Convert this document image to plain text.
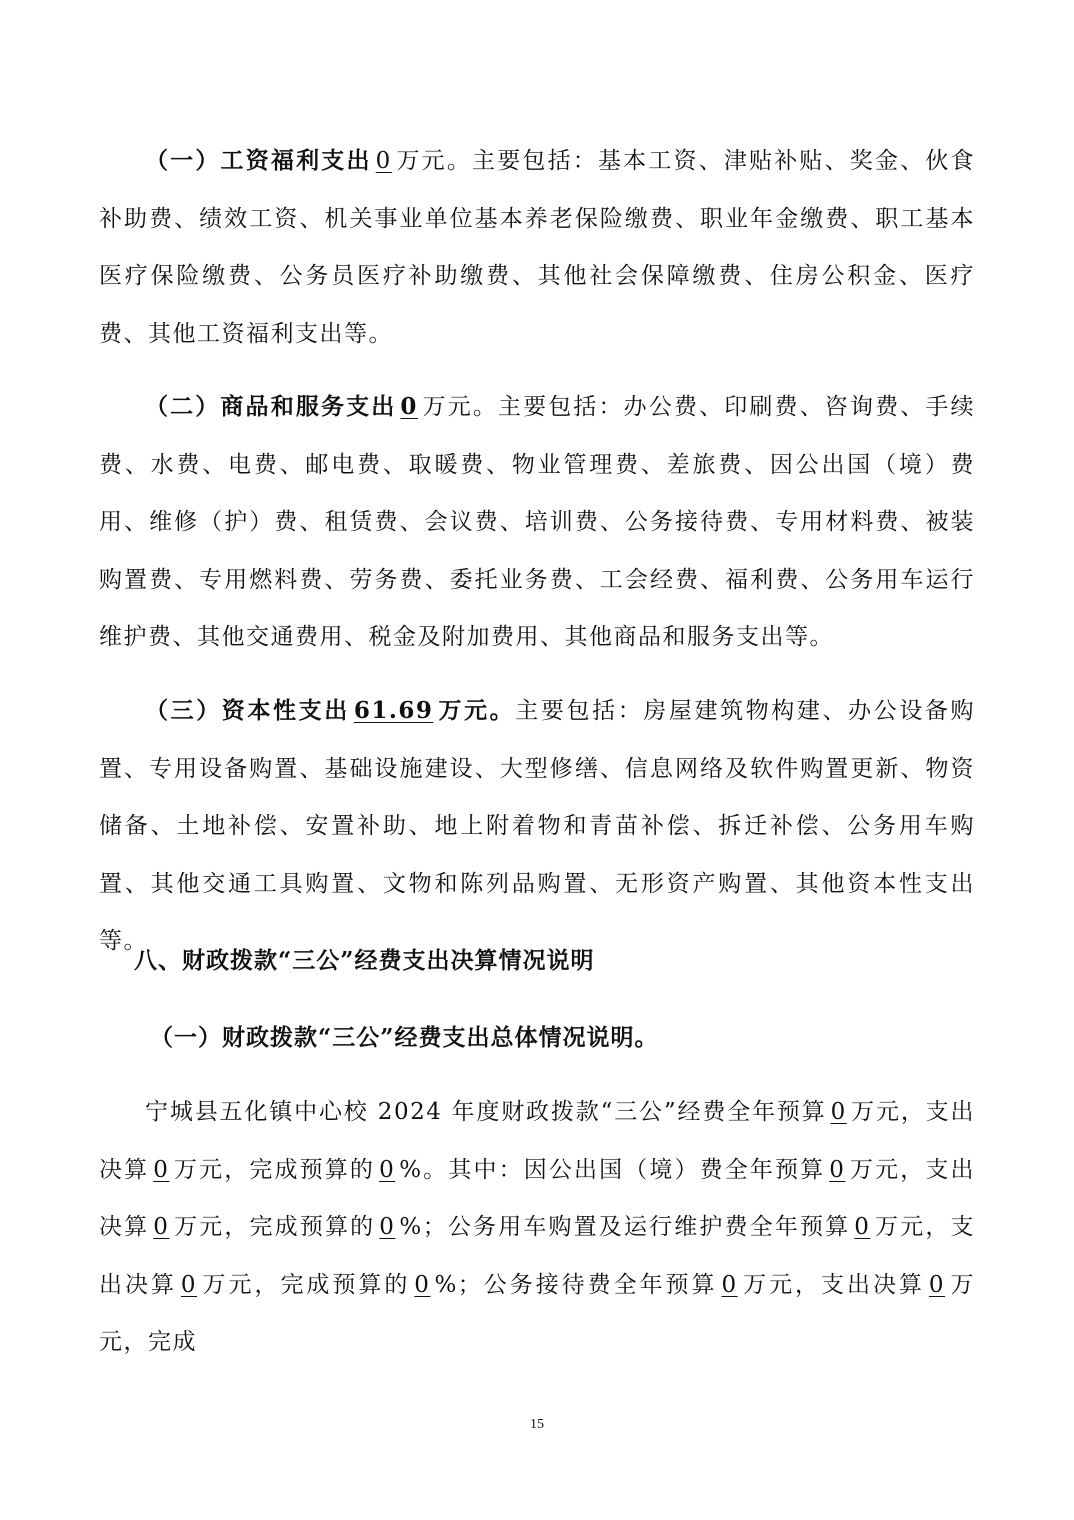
（一）工资福利支出 0 万元。主要包括：基本工资、津贴补贴、奖金、伙食补助费、绩效工资、机关事业单位基本养老保险缴费、职业年金缴费、职工基本医疗保险缴费、公务员医疗补助缴费、其他社会保障缴费、住房公积金、医疗费、其他工资福利支出等。

（二）商品和服务支出 0 万元。主要包括：办公费、印刷费、咨询费、手续费、水费、电费、邮电费、取暖费、物业管理费、差旅费、因公出国（境）费用、维修（护）费、租赁费、会议费、培训费、公务接待费、专用材料费、被装购置费、专用燃料费、劳务费、委托业务费、工会经费、福利费、公务用车运行维护费、其他交通费用、税金及附加费用、其他商品和服务支出等。

（三）资本性支出 61.69 万元。主要包括：房屋建筑物构建、办公设备购置、专用设备购置、基础设施建设、大型修缮、信息网络及软件购置更新、物资储备、土地补偿、安置补助、地上附着物和青苗补偿、拆迁补偿、公务用车购置、其他交通工具购置、文物和陈列品购置、无形资产购置、其他资本性支出等。

八、财政拨款“三公”经费支出决算情况说明

（一）财政拨款“三公”经费支出总体情况说明。

宁城县五化镇中心校 2024 年度财政拨款“三公”经费全年预算 0 万元，支出决算 0 万元，完成预算的 0 %。其中：因公出国（境）费全年预算 0 万元，支出决算 0 万元，完成预算的 0 %；公务用车购置及运行维护费全年预算 0 万元，支出决算 0 万元，完成预算的 0 %；公务接待费全年预算 0 万元，支出决算 0 万元，完成

15
